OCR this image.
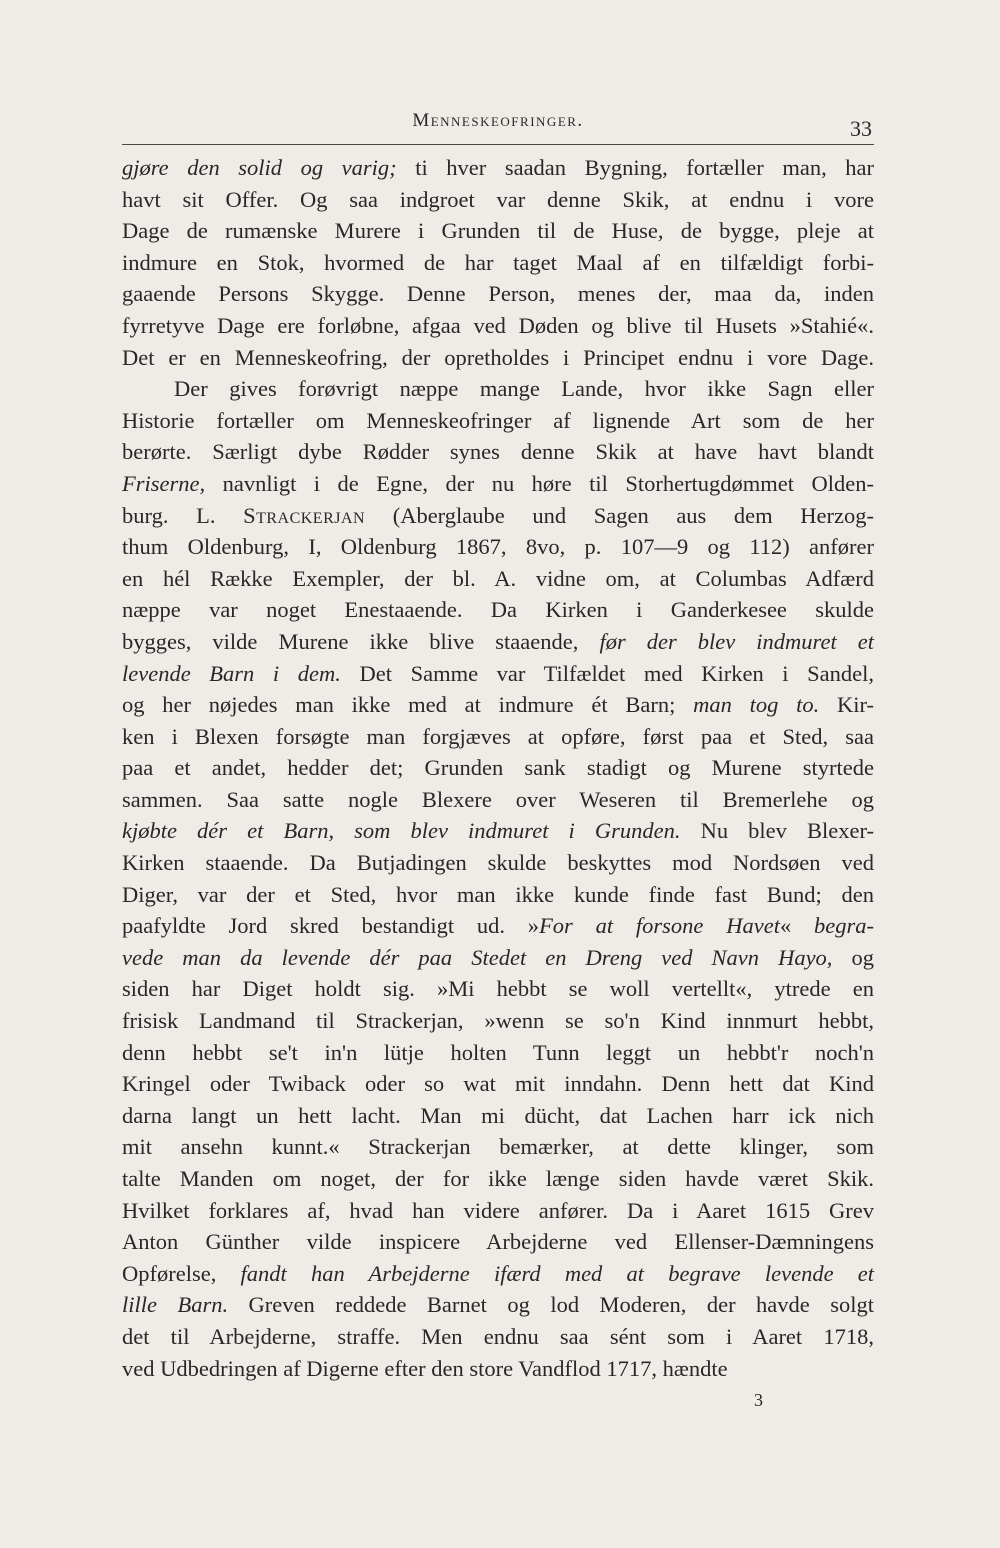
Menneskeofringer.	33
gjøre den solid og varig; ti hver saadan Bygning, fortæller man, har
havt sit Offer. Og saa indgroet var denne Skik, at endnu i vore
Dage de rumænske Murere i Grunden til de Huse, de bygge, pleje at
indmure en Stok, hvormed de har taget Maal af en tilfældigt forbi-
gaaende Persons Skygge. Denne Person, menes der, maa da, inden
fyrretyve Dage ere forløbne, afgaa ved Døden og blive til Husets »Stahié«.
Det er en Menneskeofring, der opretholdes i Principet endnu i vore Dage.
Der gives forøvrigt næppe mange Lande, hvor ikke Sagn eller
Historie fortæller om Menneskeofringer af lignende Art som de her
berørte. Særligt dybe Rødder synes denne Skik at have havt blandt
Friserne, navnligt i de Egne, der nu høre til Storhertugdømmet Olden-
burg. L. Strackerjan (Aberglaube und Sagen aus dem Herzog-
thum Oldenburg, I, Oldenburg 1867, 8vo, p. 107—9 og 112) anfører
en hél Række Exempler, der bl. A. vidne om, at Columbas Adfærd
næppe var noget Enestaaende. Da Kirken i Ganderkesee skulde
bygges, vilde Murene ikke blive staaende, før der blev indmuret et
levende Barn i dem. Det Samme var Tilfældet med Kirken i Sandel,
og her nøjedes man ikke med at indmure ét Barn; man tog to. Kir-
ken i Blexen forsøgte man forgjæves at opføre, først paa et Sted, saa
paa et andet, hedder det; Grunden sank stadigt og Murene styrtede
sammen. Saa satte nogle Blexere over Weseren til Bremerlehe og
kjøbte dér et Barn, som blev indmuret i Grunden. Nu blev Blexer-
Kirken staaende. Da Butjadingen skulde beskyttes mod Nordsøen ved
Diger, var der et Sted, hvor man ikke kunde finde fast Bund; den
paafyldte Jord skred bestandigt ud. »For at forsone Havet« begra-
vede man da levende dér paa Stedet en Dreng ved Navn Hayo, og
siden har Diget holdt sig. »Mi hebbt se woll vertellt«, ytrede en
frisisk Landmand til Strackerjan, »wenn se so'n Kind innmurt hebbt,
denn hebbt se't in'n lütje holten Tunn leggt un hebbt'r noch'n
Kringel oder Twiback oder so wat mit inndahn. Denn hett dat Kind
darna langt un hett lacht. Man mi dücht, dat Lachen harr ick nich
mit ansehn kunnt.« Strackerjan bemærker, at dette klinger, som
talte Manden om noget, der for ikke længe siden havde været Skik.
Hvilket forklares af, hvad han videre anfører. Da i Aaret 1615 Grev
Anton Günther vilde inspicere Arbejderne ved Ellenser-Dæmningens
Opførelse, fandt han Arbejderne ifærd med at begrave levende et
lille Barn. Greven reddede Barnet og lod Moderen, der havde solgt
det til Arbejderne, straffe. Men endnu saa sént som i Aaret 1718,
ved Udbedringen af Digerne efter den store Vandflod 1717, hændte
3
